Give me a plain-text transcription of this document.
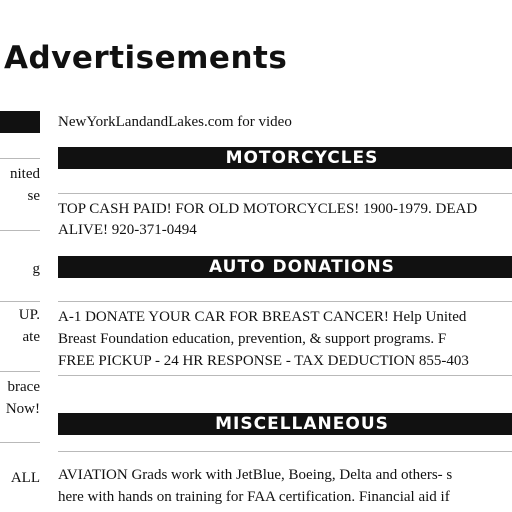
Advertisements
nited
se
g
UP.
ate
brace
Now!
ALL
NewYorkLandandLakes.com for video
MOTORCYCLES
TOP CASH PAID! FOR OLD MOTORCYCLES! 1900-1979. DEAD
ALIVE! 920-371-0494
AUTO DONATIONS
A-1 DONATE YOUR CAR FOR BREAST CANCER! Help United
Breast Foundation education, prevention, & support programs. F
FREE PICKUP - 24 HR RESPONSE - TAX DEDUCTION 855-403
MISCELLANEOUS
AVIATION Grads work with JetBlue, Boeing, Delta and others- s
here with hands on training for FAA certification. Financial aid if
